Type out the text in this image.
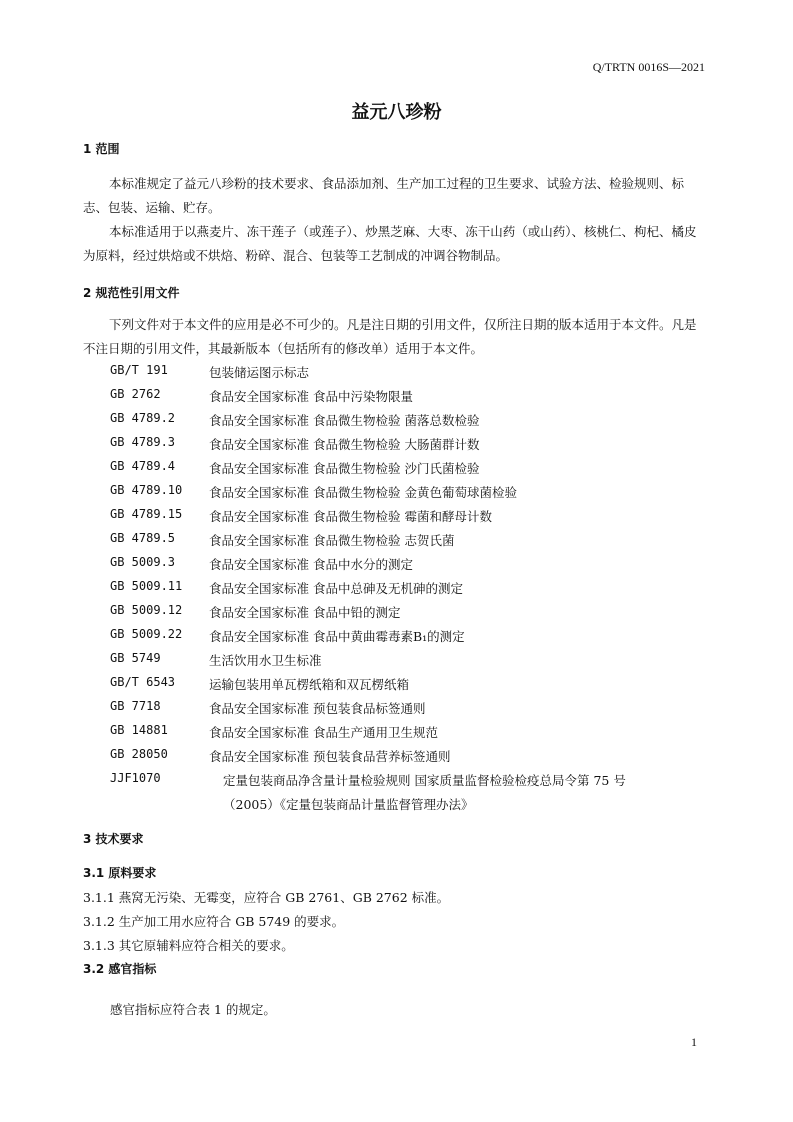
Q/TRTN 0016S—2021
益元八珍粉
1 范围
本标准规定了益元八珍粉的技术要求、食品添加剂、生产加工过程的卫生要求、试验方法、检验规则、标志、包装、运输、贮存。
本标准适用于以燕麦片、冻干莲子（或莲子）、炒黑芝麻、大枣、冻干山药（或山药）、核桃仁、枸杞、橘皮为原料，经过烘焙或不烘焙、粉碎、混合、包装等工艺制成的冲调谷物制品。
2 规范性引用文件
下列文件对于本文件的应用是必不可少的。凡是注日期的引用文件，仅所注日期的版本适用于本文件。凡是不注日期的引用文件，其最新版本（包括所有的修改单）适用于本文件。
GB/T 191	包装储运图示标志
GB 2762	食品安全国家标准 食品中污染物限量
GB 4789.2	食品安全国家标准 食品微生物检验 菌落总数检验
GB 4789.3	食品安全国家标准 食品微生物检验 大肠菌群计数
GB 4789.4	食品安全国家标准 食品微生物检验 沙门氏菌检验
GB 4789.10 食品安全国家标准 食品微生物检验 金黄色葡萄球菌检验
GB 4789.15 食品安全国家标准 食品微生物检验 霉菌和酵母计数
GB 4789.5	食品安全国家标准 食品微生物检验 志贺氏菌
GB 5009.3	食品安全国家标准 食品中水分的测定
GB 5009.11 食品安全国家标准 食品中总砷及无机砷的测定
GB 5009.12 食品安全国家标准 食品中铅的测定
GB 5009.22 食品安全国家标准 食品中黄曲霉毒素B₁的测定
GB 5749	生活饮用水卫生标准
GB/T 6543	运输包装用单瓦楞纸箱和双瓦楞纸箱
GB 7718	食品安全国家标准 预包装食品标签通则
GB 14881	食品安全国家标准 食品生产通用卫生规范
GB 28050	食品安全国家标准 预包装食品营养标签通则
JJF1070	定量包装商品净含量计量检验规则 国家质量监督检验检疫总局令第 75 号
（2005）《定量包装商品计量监督管理办法》
3 技术要求
3.1 原料要求
3.1.1 燕窝无污染、无霉变，应符合 GB 2761、GB 2762 标准。
3.1.2 生产加工用水应符合 GB 5749 的要求。
3.1.3 其它原辅料应符合相关的要求。
3.2 感官指标
感官指标应符合表 1 的规定。
1
